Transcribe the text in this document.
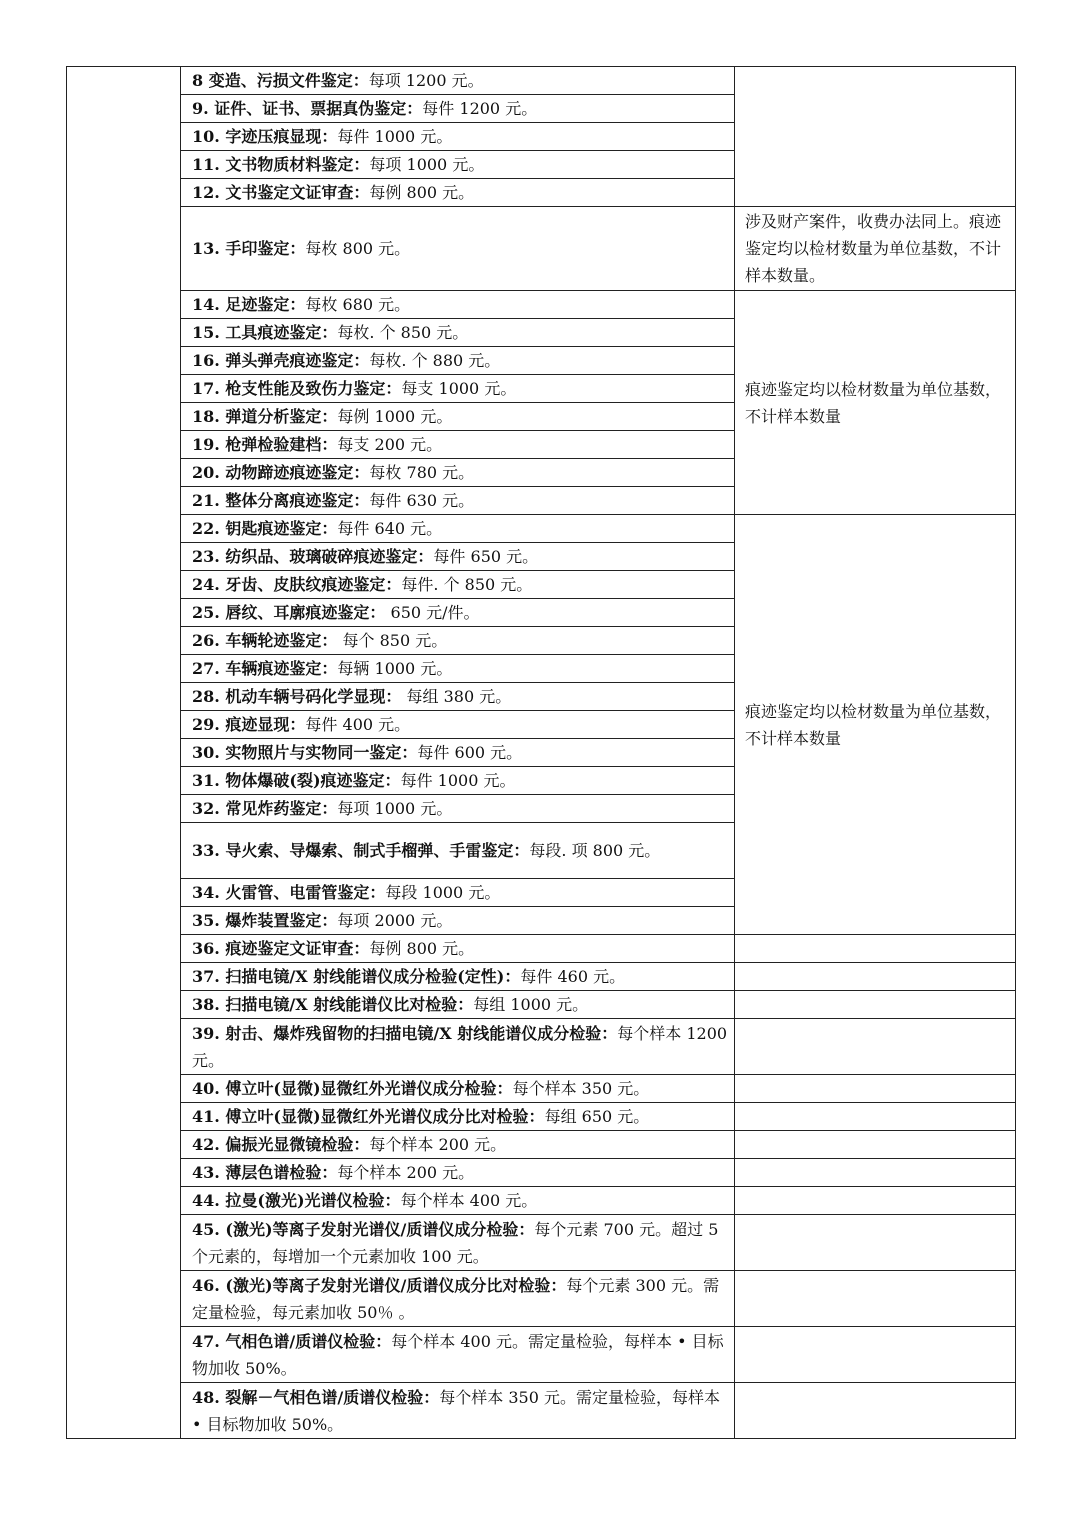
	8 变造、污损文件鉴定：每项 1200 元。	
	9. 证件、证书、票据真伪鉴定：每件 1200 元。	
	10. 字迹压痕显现：每件 1000 元。	
	11. 文书物质材料鉴定：每项 1000 元。	
	12. 文书鉴定文证审查：每例 800 元。	
	13. 手印鉴定：每枚 800 元。	涉及财产案件，收费办法同上。痕迹鉴定均以检材数量为单位基数，不计样本数量。
	14. 足迹鉴定：每枚 680 元。	痕迹鉴定均以检材数量为单位基数，不计样本数量
	15. 工具痕迹鉴定：每枚. 个 850 元。	
	16. 弹头弹壳痕迹鉴定：每枚. 个 880 元。	
	17. 枪支性能及致伤力鉴定：每支 1000 元。	
	18. 弹道分析鉴定：每例 1000 元。	
	19. 枪弹检验建档：每支 200 元。	
	20. 动物蹄迹痕迹鉴定：每枚 780 元。	
	21. 整体分离痕迹鉴定：每件 630 元。	
	22. 钥匙痕迹鉴定：每件 640 元。	痕迹鉴定均以检材数量为单位基数，不计样本数量
	23. 纺织品、玻璃破碎痕迹鉴定：每件 650 元。	
	24. 牙齿、皮肤纹痕迹鉴定：每件. 个 850 元。	
	25. 唇纹、耳廓痕迹鉴定： 650 元/件。	
	26. 车辆轮迹鉴定： 每个 850 元。	
	27. 车辆痕迹鉴定：每辆 1000 元。	
	28. 机动车辆号码化学显现： 每组 380 元。	
	29. 痕迹显现：每件 400 元。	
	30. 实物照片与实物同一鉴定：每件 600 元。	
	31. 物体爆破(裂)痕迹鉴定：每件 1000 元。	
	32. 常见炸药鉴定：每项 1000 元。	
	33. 导火索、导爆索、制式手榴弹、手雷鉴定：每段. 项 800 元。	
	34. 火雷管、电雷管鉴定：每段 1000 元。	
	35. 爆炸装置鉴定：每项 2000 元。	
	36. 痕迹鉴定文证审查：每例 800 元。	
	37. 扫描电镜/X 射线能谱仪成分检验(定性)：每件 460 元。	
	38. 扫描电镜/X 射线能谱仪比对检验：每组 1000 元。	
	39. 射击、爆炸残留物的扫描电镜/X 射线能谱仪成分检验：每个样本 1200 元。	
	40. 傅立叶(显微)显微红外光谱仪成分检验：每个样本 350 元。	
	41. 傅立叶(显微)显微红外光谱仪成分比对检验：每组 650 元。	
	42. 偏振光显微镜检验：每个样本 200 元。	
	43. 薄层色谱检验：每个样本 200 元。	
	44. 拉曼(激光)光谱仪检验：每个样本 400 元。	
	45. (激光)等离子发射光谱仪/质谱仪成分检验：每个元素 700 元。超过 5 个元素的，每增加一个元素加收 100 元。	
	46. (激光)等离子发射光谱仪/质谱仪成分比对检验：每个元素 300 元。需定量检验，每元素加收 50％ 。	
	47. 气相色谱/质谱仪检验：每个样本 400 元。需定量检验，每样本 • 目标物加收 50%。	
	48. 裂解－气相色谱/质谱仪检验：每个样本 350 元。需定量检验，每样本 • 目标物加收 50%。	
